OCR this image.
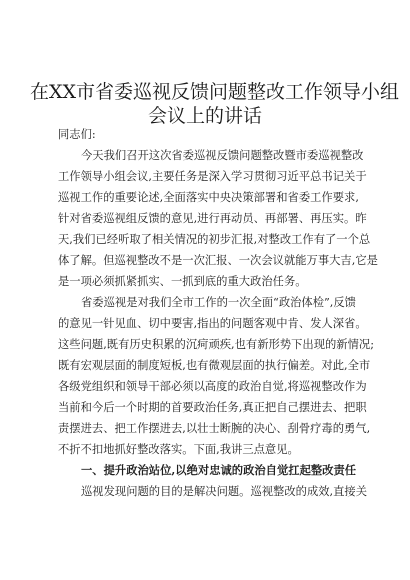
在XX市省委巡视反馈问题整改工作领导小组
会议上的讲话
同志们:
今天我们召开这次省委巡视反馈问题整改暨市委巡视整改
工作领导小组会议,主要任务是深入学习贯彻习近平总书记关于
巡视工作的重要论述,全面落实中央决策部署和省委工作要求,
针对省委巡视组反馈的意见,进行再动员、再部署、再压实。昨
天,我们已经听取了相关情况的初步汇报,对整改工作有了一个总
体了解。但巡视整改不是一次汇报、一次会议就能万事大吉,它是
是一项必须抓紧抓实、一抓到底的重大政治任务。
省委巡视是对我们全市工作的一次全面“政治体检”,反馈
的意见一针见血、切中要害,指出的问题客观中肯、发人深省。
这些问题,既有历史积累的沉疴顽疾,也有新形势下出现的新情况;
既有宏观层面的制度短板,也有微观层面的执行偏差。对此,全市
各级党组织和领导干部必须以高度的政治自觉,将巡视整改作为
当前和今后一个时期的首要政治任务,真正把自己摆进去、把职
责摆进去、把工作摆进去,以壮士断腕的决心、刮骨疗毒的勇气,
不折不扣地抓好整改落实。下面,我讲三点意见。
一、提升政治站位,以绝对忠诚的政治自觉扛起整改责任
巡视发现问题的目的是解决问题。巡视整改的成效,直接关
